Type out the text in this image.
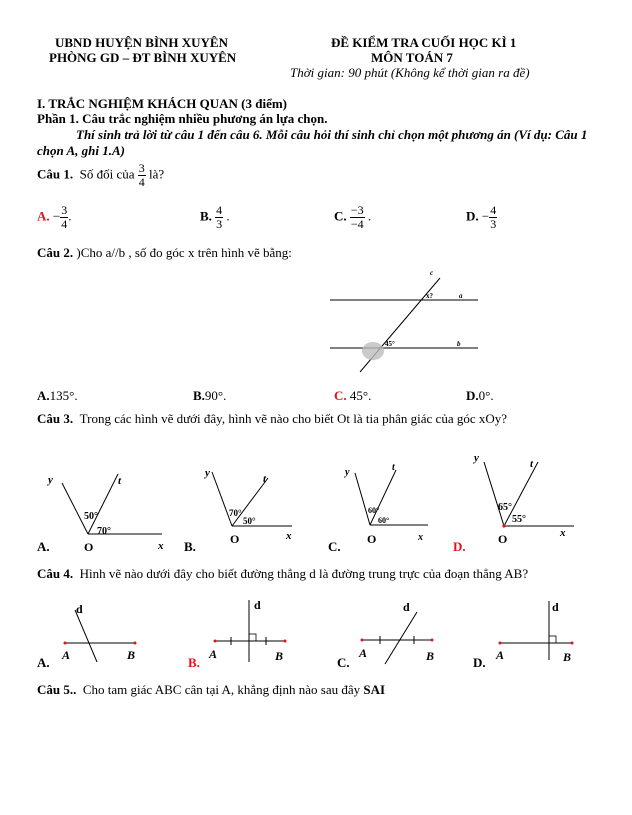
UBND HUYỆN BÌNH XUYÊN
PHÒNG GD – ĐT BÌNH XUYÊN
ĐỀ KIỂM TRA CUỐI HỌC KÌ 1
MÔN TOÁN 7
Thời gian: 90 phút (Không kể thời gian ra đề)
I. TRẮC NGHIỆM KHÁCH QUAN (3 điểm)
Phần 1. Câu trắc nghiệm nhiều phương án lựa chọn.
Thí sinh trả lời từ câu 1 đến câu 6. Mỗi câu hỏi thí sinh chỉ chọn một phương án (Ví dụ: Câu 1 chọn A, ghi 1.A)
Câu 1. Số đối của $\frac{3}{4}$ là?
A. − $\frac{3}{4}$ .	B. $\frac{4}{3}$ .	C. $\frac{-3}{-4}$ .	D. − $\frac{4}{3}$
Câu 2. )Cho a//b , số đo góc x trên hình vẽ bằng:
c
a
b
x?
45°
A.135°.	B.90°.	C. 45°.	D.0°.
Câu 3. Trong các hình vẽ dưới đây, hình vẽ nào cho biết Ot là tia phân giác của góc xOy?
y	t
50°
70°
O	x
A.
y	t
70°
50°
O	x
B.
y	t
60°
60°
O	x
C.
y	t
65°
55°
O	x
D.
Câu 4. Hình vẽ nào dưới đây cho biết đường thẳng d là đường trung trực của đoạn thẳng AB?
d
A	B
A.
d
A	B
B.
d
A	B
C.
d
A	B
D.
Câu 5.. Cho tam giác ABC cân tại A, khẳng định nào sau đây SAI
